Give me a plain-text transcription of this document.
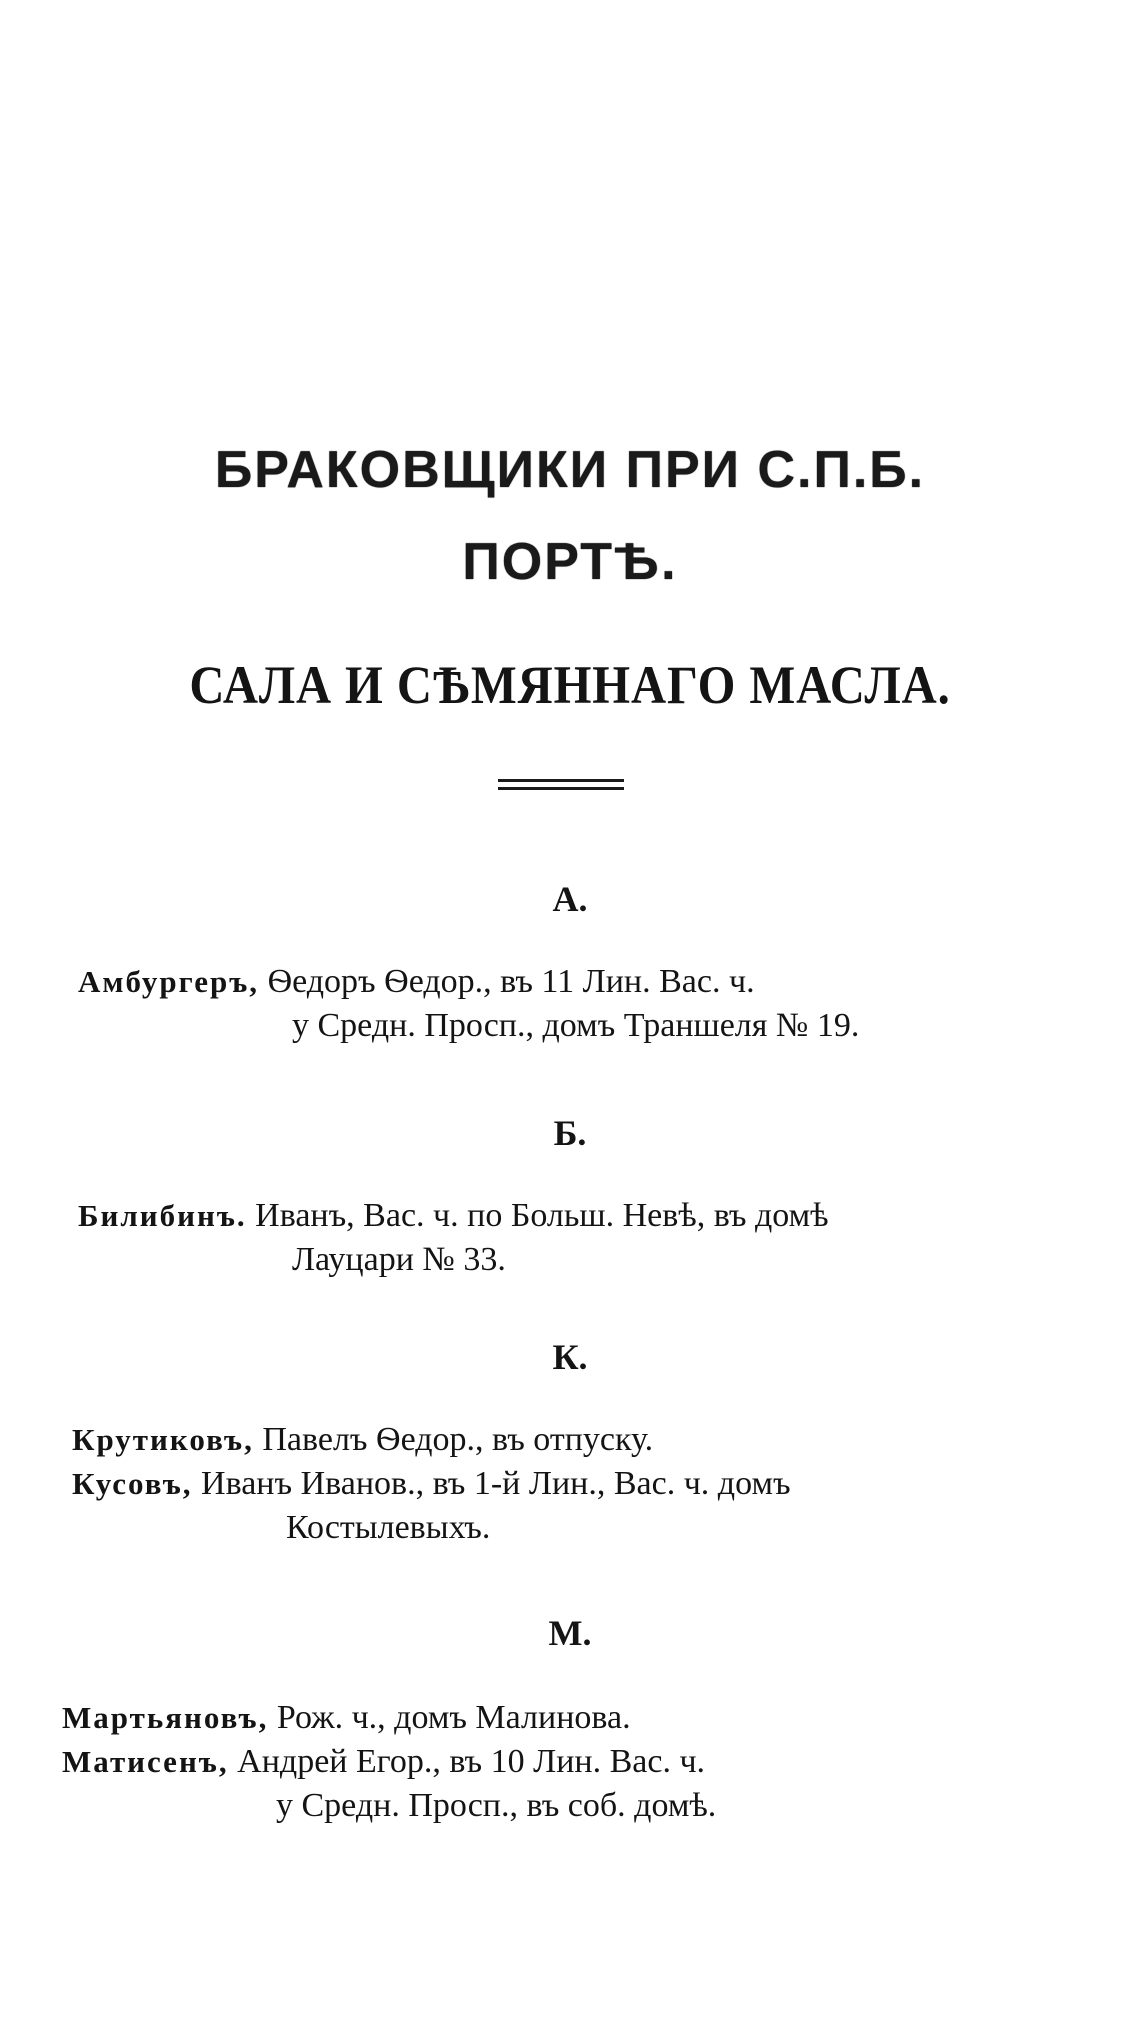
БРАКОВЩИКИ ПРИ С.П.Б.
ПОРТѢ.
САЛА И СѢМЯННАГО МАСЛА.
А.
Амбургеръ, Ѳедоръ Ѳедор., въ 11 Лин. Вас. ч.
у Средн. Просп., домъ Траншеля № 19.
Б.
Билибинъ. Иванъ, Вас. ч. по Больш. Невѣ, въ домѣ
Лауцари № 33.
К.
Крутиковъ, Павелъ Ѳедор., въ отпуску.
Кусовъ, Иванъ Иванов., въ 1-й Лин., Вас. ч. домъ
Костылевыхъ.
М.
Мартьяновъ, Рож. ч., домъ Малинова.
Матисенъ, Андрей Егор., въ 10 Лин. Вас. ч.
у Средн. Просп., въ соб. домѣ.
